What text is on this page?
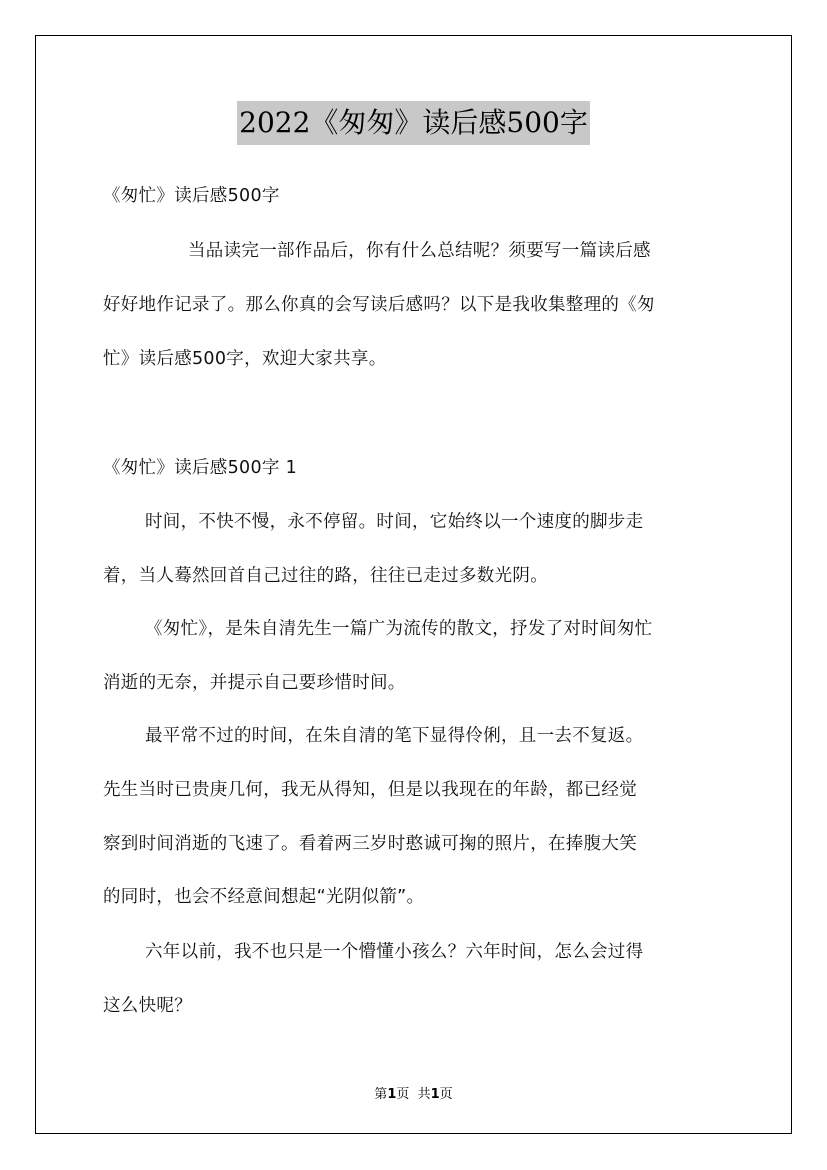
2022《匆匆》读后感500字
《匆忙》读后感500字
当品读完一部作品后，你有什么总结呢？须要写一篇读后感
好好地作记录了。那么你真的会写读后感吗？以下是我收集整理的《匆
忙》读后感500字，欢迎大家共享。
《匆忙》读后感500字 1
时间，不快不慢，永不停留。时间，它始终以一个速度的脚步走
着，当人蓦然回首自己过往的路，往往已走过多数光阴。
《匆忙》，是朱自清先生一篇广为流传的散文，抒发了对时间匆忙
消逝的无奈，并提示自己要珍惜时间。
最平常不过的时间，在朱自清的笔下显得伶俐，且一去不复返。
先生当时已贵庚几何，我无从得知，但是以我现在的年龄，都已经觉
察到时间消逝的飞速了。看着两三岁时憨诚可掬的照片，在捧腹大笑
的同时，也会不经意间想起“光阴似箭”。
六年以前，我不也只是一个懵懂小孩么？六年时间，怎么会过得
这么快呢？
第1页  共1页
